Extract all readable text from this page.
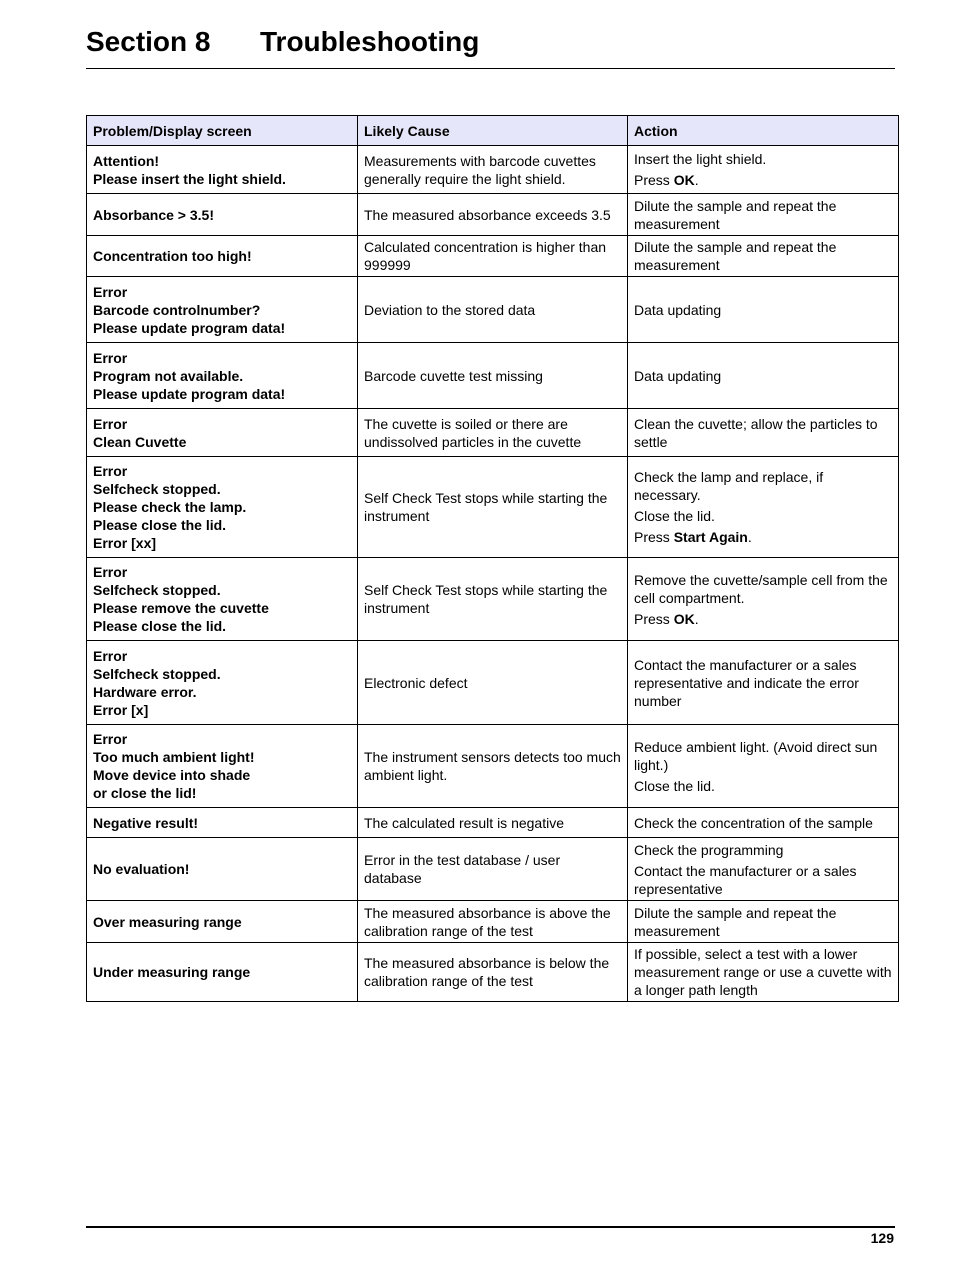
Section 8	Troubleshooting
Problem/Display screen	Likely Cause	Action

Attention!
Please insert the light shield.	Measurements with barcode cuvettes generally require the light shield.	Insert the light shield.
Press OK.

Absorbance > 3.5!	The measured absorbance exceeds 3.5	Dilute the sample and repeat the measurement

Concentration too high!	Calculated concentration is higher than 999999	Dilute the sample and repeat the measurement

Error
Barcode controlnumber?
Please update program data!	Deviation to the stored data	Data updating

Error
Program not available.
Please update program data!	Barcode cuvette test missing	Data updating

Error
Clean Cuvette	The cuvette is soiled or there are undissolved particles in the cuvette	Clean the cuvette; allow the particles to settle

Error
Selfcheck stopped.
Please check the lamp.
Please close the lid.
Error [xx]	Self Check Test stops while starting the instrument	Check the lamp and replace, if necessary.
Close the lid.
Press Start Again.

Error
Selfcheck stopped.
Please remove the cuvette
Please close the lid.	Self Check Test stops while starting the instrument	Remove the cuvette/sample cell from the cell compartment.
Press OK.

Error
Selfcheck stopped.
Hardware error.
Error [x]	Electronic defect	Contact the manufacturer or a sales representative and indicate the error number

Error
Too much ambient light!
Move device into shade
or close the lid!	The instrument sensors detects too much ambient light.	Reduce ambient light. (Avoid direct sun light.)
Close the lid.

Negative result!	The calculated result is negative	Check the concentration of the sample

No evaluation!	Error in the test database / user database	Check the programming
Contact the manufacturer or a sales representative

Over measuring range	The measured absorbance is above the calibration range of the test	Dilute the sample and repeat the measurement

Under measuring range	The measured absorbance is below the calibration range of the test	If possible, select a test with a lower measurement range or use a cuvette with a longer path length
129
